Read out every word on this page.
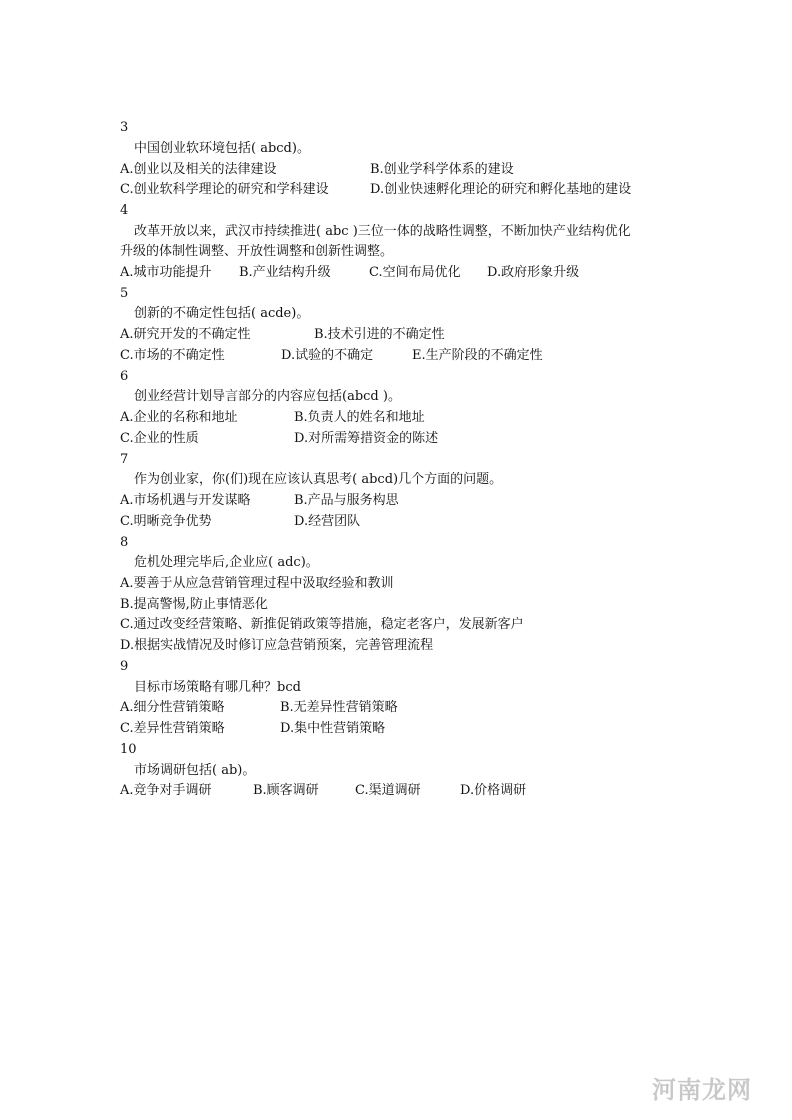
3
中国创业软环境包括( abcd)。
A.创业以及相关的法律建设	B.创业学科学体系的建设
C.创业软科学理论的研究和学科建设	D.创业快速孵化理论的研究和孵化基地的建设
4
改革开放以来，武汉市持续推进( abc )三位一体的战略性调整，不断加快产业结构优化
升级的体制性调整、开放性调整和创新性调整。
A.城市功能提升 B.产业结构升级	C.空间布局优化 D.政府形象升级
5
创新的不确定性包括( acde)。
A.研究开发的不确定性	B.技术引进的不确定性
C.市场的不确定性	D.试验的不确定	E.生产阶段的不确定性
6
创业经营计划导言部分的内容应包括(abcd )。
A.企业的名称和地址	B.负责人的姓名和地址
C.企业的性质	D.对所需筹措资金的陈述
7
作为创业家，你(们)现在应该认真思考( abcd)几个方面的问题。
A.市场机遇与开发谋略	B.产品与服务构思
C.明晰竞争优势	D.经营团队
8
危机处理完毕后,企业应( adc)。
A.要善于从应急营销管理过程中汲取经验和教训
B.提高警惕,防止事情恶化
C.通过改变经营策略、新推促销政策等措施，稳定老客户，发展新客户
D.根据实战情况及时修订应急营销预案，完善管理流程
9
目标市场策略有哪几种？bcd
A.细分性营销策略	B.无差异性营销策略
C.差异性营销策略	D.集中性营销策略
10
市场调研包括( ab)。
A.竞争对手调研	B.顾客调研	C.渠道调研	D.价格调研
河南龙网
